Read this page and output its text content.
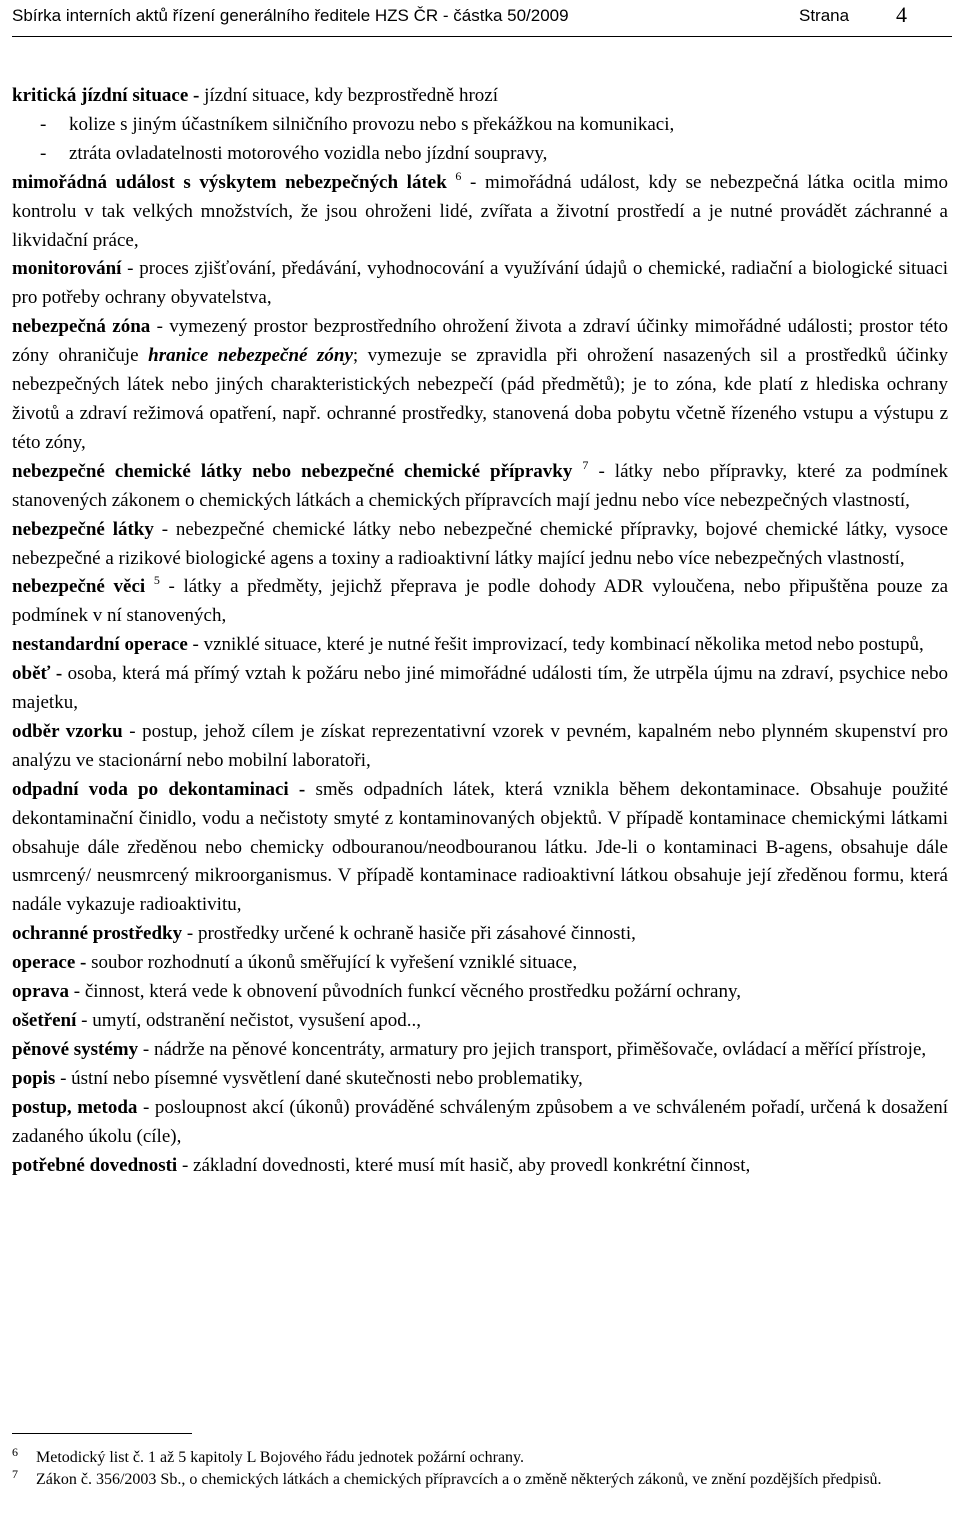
Sbírka interních aktů řízení generálního ředitele HZS ČR - částka 50/2009	Strana 4

kritická jízdní situace - jízdní situace, kdy bezprostředně hrozí

- kolize s jiným účastníkem silničního provozu nebo s překážkou na komunikaci,

- ztráta ovladatelnosti motorového vozidla nebo jízdní soupravy,

mimořádná událost s výskytem nebezpečných látek $^6$ - mimořádná událost, kdy se nebezpečná látka ocitla mimo kontrolu v tak velkých množstvích, že jsou ohroženi lidé, zvířata a životní prostředí a je nutné provádět záchranné a likvidační práce,

monitorování - proces zjišťování, předávání, vyhodnocování a využívání údajů o chemické, radiační a biologické situaci pro potřeby ochrany obyvatelstva,

nebezpečná zóna - vymezený prostor bezprostředního ohrožení života a zdraví účinky mimořádné události; prostor této zóny ohraničuje hranice nebezpečné zóny; vymezuje se zpravidla při ohrožení nasazených sil a prostředků účinky nebezpečných látek nebo jiných charakteristických nebezpečí (pád předmětů); je to zóna, kde platí z hlediska ochrany životů a zdraví režimová opatření, např. ochranné prostředky, stanovená doba pobytu včetně řízeného vstupu a výstupu z této zóny,

nebezpečné chemické látky nebo nebezpečné chemické přípravky $^7$ - látky nebo přípravky, které za podmínek stanovených zákonem o chemických látkách a chemických přípravcích mají jednu nebo více nebezpečných vlastností,

nebezpečné látky - nebezpečné chemické látky nebo nebezpečné chemické přípravky, bojové chemické látky, vysoce nebezpečné a rizikové biologické agens a toxiny a radioaktivní látky mající jednu nebo více nebezpečných vlastností,

nebezpečné věci $^5$ - látky a předměty, jejichž přeprava je podle dohody ADR vyloučena, nebo připuštěna pouze za podmínek v ní stanovených,

nestandardní operace - vzniklé situace, které je nutné řešit improvizací, tedy kombinací několika metod nebo postupů,

oběť - osoba, která má přímý vztah k požáru nebo jiné mimořádné události tím, že utrpěla újmu na zdraví, psychice nebo majetku,

odběr vzorku - postup, jehož cílem je získat reprezentativní vzorek v pevném, kapalném nebo plynném skupenství pro analýzu ve stacionární nebo mobilní laboratoři,

odpadní voda po dekontaminaci - směs odpadních látek, která vznikla během dekontaminace. Obsahuje použité dekontaminační činidlo, vodu a nečistoty smyté z kontaminovaných objektů. V případě kontaminace chemickými látkami obsahuje dále zředěnou nebo chemicky odbouranou/neodbouranou látku. Jde-li o kontaminaci B-agens, obsahuje dále usmrcený/ neusmrcený mikroorganismus. V případě kontaminace radioaktivní látkou obsahuje její zředěnou formu, která nadále vykazuje radioaktivitu,

ochranné prostředky - prostředky určené k ochraně hasiče při zásahové činnosti,

operace - soubor rozhodnutí a úkonů směřující k vyřešení vzniklé situace,

oprava - činnost, která vede k obnovení původních funkcí věcného prostředku požární ochrany,

ošetření - umytí, odstranění nečistot, vysušení apod..,

pěnové systémy - nádrže na pěnové koncentráty, armatury pro jejich transport, přiměšovače, ovládací a měřící přístroje,

popis - ústní nebo písemné vysvětlení dané skutečnosti nebo problematiky,

postup, metoda - posloupnost akcí (úkonů) prováděné schváleným způsobem a ve schváleném pořadí, určená k dosažení zadaného úkolu (cíle),

potřebné dovednosti - základní dovednosti, které musí mít hasič, aby provedl konkrétní činnost,

6 Metodický list č. 1 až 5 kapitoly L Bojového řádu jednotek požární ochrany.
7 Zákon č. 356/2003 Sb., o chemických látkách a chemických přípravcích a o změně některých zákonů, ve znění pozdějších předpisů.
